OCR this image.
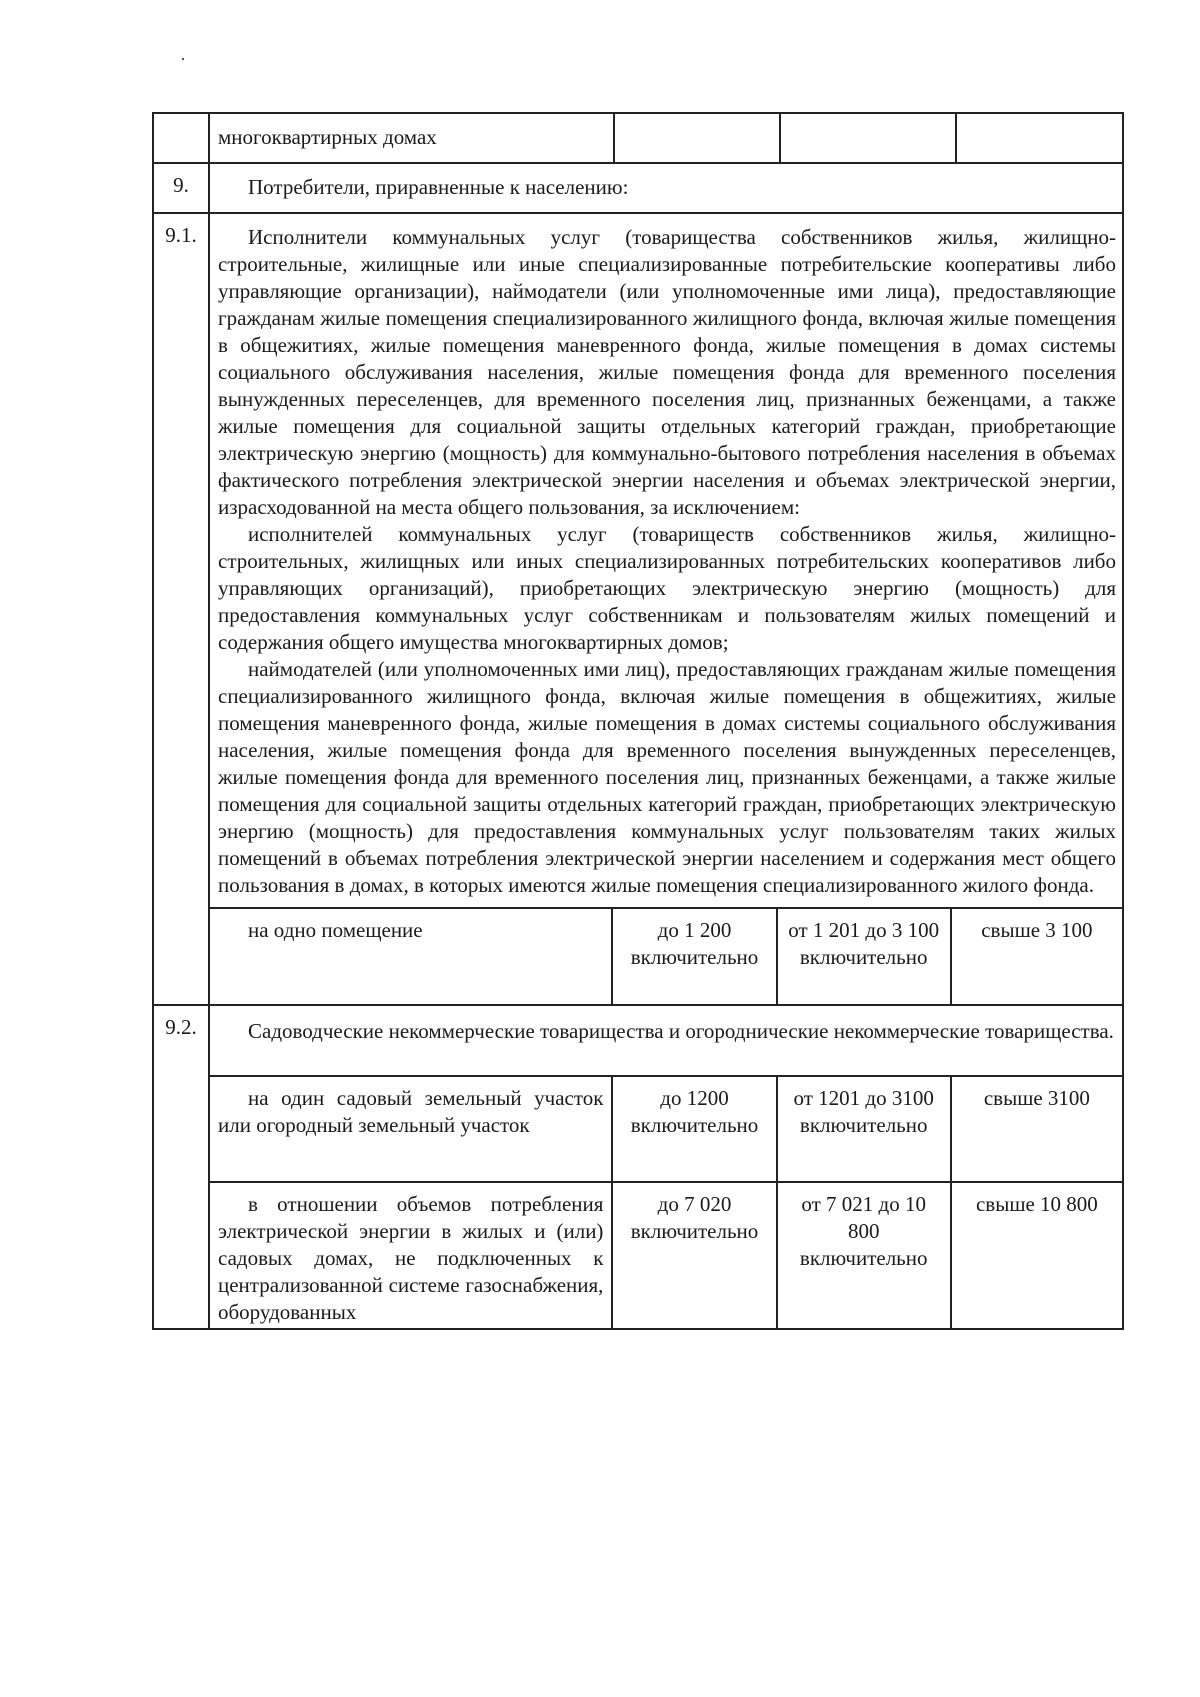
	многоквартирных домах			
9.	Потребители, приравненные к населению:
9.1.		Исполнители коммунальных услуг (товарищества собственников жилья, жилищно-строительные, жилищные или иные специализированные потребительские кооперативы либо управляющие организации), наймодатели (или уполномоченные ими лица), предоставляющие гражданам жилые помещения специализированного жилищного фонда, включая жилые помещения в общежитиях, жилые помещения маневренного фонда, жилые помещения в домах системы социального обслуживания населения, жилые помещения фонда для временного поселения вынужденных переселенцев, для временного поселения лиц, признанных беженцами, а также жилые помещения для социальной защиты отдельных категорий граждан, приобретающие электрическую энергию (мощность) для коммунально-бытового потребления населения в объемах фактического потребления электрической энергии населения и объемах электрической энергии, израсходованной на места общего пользования, за исключением:

исполнителей коммунальных услуг (товариществ собственников жилья, жилищно-строительных, жилищных или иных специализированных потребительских кооперативов либо управляющих организаций), приобретающих электрическую энергию (мощность) для предоставления коммунальных услуг собственникам и пользователям жилых помещений и содержания общего имущества многоквартирных домов;

наймодателей (или уполномоченных ими лиц), предоставляющих гражданам жилые помещения специализированного жилищного фонда, включая жилые помещения в общежитиях, жилые помещения маневренного фонда, жилые помещения в домах системы социального обслуживания населения, жилые помещения фонда для временного поселения вынужденных переселенцев, жилые помещения фонда для временного поселения лиц, признанных беженцами, а также жилые помещения для социальной защиты отдельных категорий граждан, приобретающих электрическую энергию (мощность) для предоставления коммунальных услуг пользователям таких жилых помещений в объемах потребления электрической энергии населением и содержания мест общего пользования в домах, в которых имеются жилые помещения специализированного жилого фонда.

на одно помещение	до 1 200 включительно	от 1 201 до 3 100 включительно	свыше 3 100

9.2.	Садоводческие некоммерческие товарищества и огороднические некоммерческие товарищества.
на один садовый земельный участок или огородный земельный участок	до 1200 включительно	от 1201 до 3100 включительно	свыше 3100
в отношении объемов потребления электрической энергии в жилых и (или) садовых домах, не подключенных к централизованной системе газоснабжения, оборудованных	до 7 020 включительно	от 7 021 до 10 800 включительно	свыше 10 800
